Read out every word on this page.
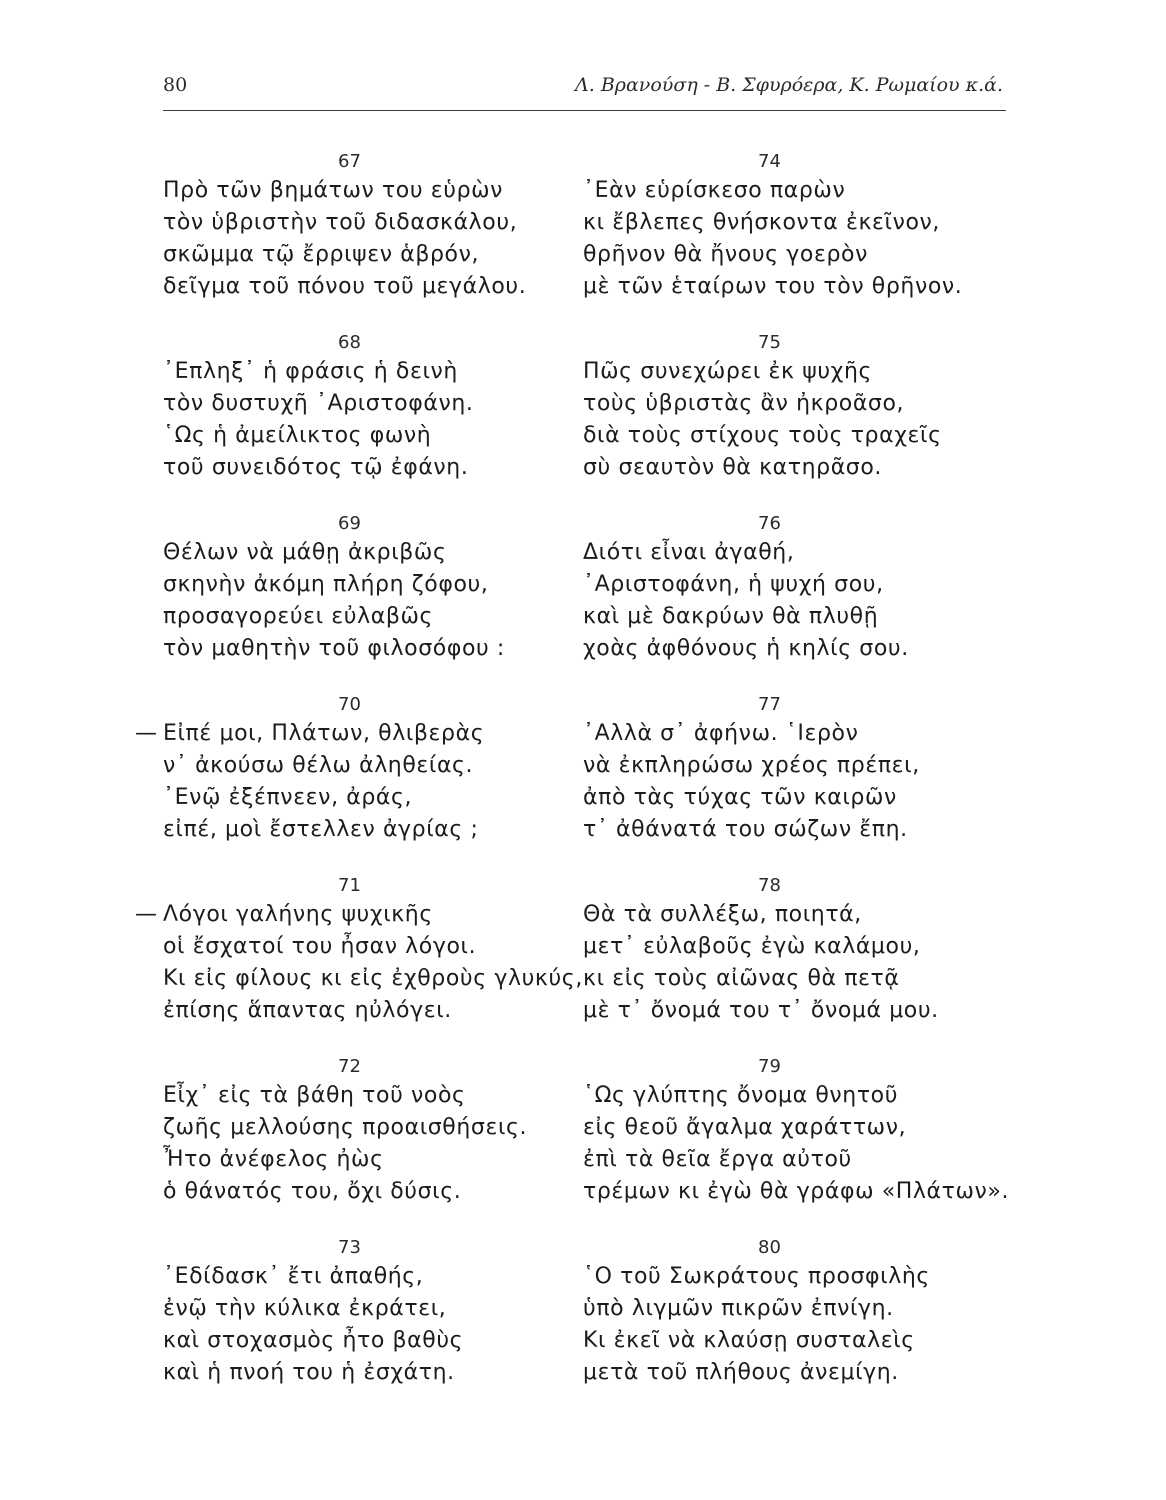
80	Λ. Βρανούση - Β. Σφυρόερα, Κ. Ρωμαίου κ.ά.
67
Πρὸ τῶν βημάτων του εὑρὼν
τὸν ὑβριστὴν τοῦ διδασκάλου,
σκῶμμα τῷ ἔρριψεν ἁβρόν,
δεῖγμα τοῦ πόνου τοῦ μεγάλου.
68
᾿Επληξ᾿ ἡ φράσις ἡ δεινὴ
τὸν δυστυχῆ ᾿Αριστοφάνη.
῾Ως ἡ ἀμείλικτος φωνὴ
τοῦ συνειδότος τῷ ἐφάνη.
69
Θέλων νὰ μάθῃ ἀκριβῶς
σκηνὴν ἀκόμη πλήρη ζόφου,
προσαγορεύει εὐλαβῶς
τὸν μαθητὴν τοῦ φιλοσόφου :
70
— Εἰπέ μοι, Πλάτων, θλιβερὰς
ν᾿ ἀκούσω θέλω ἀληθείας.
᾿Ενῷ ἐξέπνεεν, ἀράς,
εἰπέ, μοὶ ἔστελλεν ἀγρίας ;
71
— Λόγοι γαλήνης ψυχικῆς
οἱ ἔσχατοί του ἦσαν λόγοι.
Κι εἰς φίλους κι εἰς ἐχθροὺς γλυκύς,
ἐπίσης ἅπαντας ηὐλόγει.
72
Εἶχ᾿ εἰς τὰ βάθη τοῦ νοὸς
ζωῆς μελλούσης προαισθήσεις.
Ἦτο ἀνέφελος ἠὼς
ὁ θάνατός του, ὄχι δύσις.
73
᾿Εδίδασκ᾿ ἔτι ἀπαθής,
ἐνῷ τὴν κύλικα ἐκράτει,
καὶ στοχασμὸς ἦτο βαθὺς
καὶ ἡ πνοή του ἡ ἐσχάτη.
74
᾿Εὰν εὑρίσκεσο παρὼν
κι ἔβλεπες θνήσκοντα ἐκεῖνον,
θρῆνον θὰ ἤνους γοερὸν
μὲ τῶν ἑταίρων του τὸν θρῆνον.
75
Πῶς συνεχώρει ἐκ ψυχῆς
τοὺς ὑβριστὰς ἂν ἠκροᾶσο,
διὰ τοὺς στίχους τοὺς τραχεῖς
σὺ σεαυτὸν θὰ κατηρᾶσο.
76
Διότι εἶναι ἀγαθή,
᾿Αριστοφάνη, ἡ ψυχή σου,
καὶ μὲ δακρύων θὰ πλυθῇ
χοὰς ἀφθόνους ἡ κηλίς σου.
77
᾿Αλλὰ σ᾿ ἀφήνω. ῾Ιερὸν
νὰ ἐκπληρώσω χρέος πρέπει,
ἀπὸ τὰς τύχας τῶν καιρῶν
τ᾿ ἀθάνατά του σώζων ἔπη.
78
Θὰ τὰ συλλέξω, ποιητά,
μετ᾿ εὐλαβοῦς ἐγὼ καλάμου,
κι εἰς τοὺς αἰῶνας θὰ πετᾷ
μὲ τ᾿ ὄνομά του τ᾿ ὄνομά μου.
79
῾Ως γλύπτης ὄνομα θνητοῦ
εἰς θεοῦ ἄγαλμα χαράττων,
ἐπὶ τὰ θεῖα ἔργα αὐτοῦ
τρέμων κι ἐγὼ θὰ γράφω «Πλάτων».
80
῾Ο τοῦ Σωκράτους προσφιλὴς
ὑπὸ λιγμῶν πικρῶν ἐπνίγη.
Κι ἐκεῖ νὰ κλαύσῃ συσταλεὶς
μετὰ τοῦ πλήθους ἀνεμίγη.
